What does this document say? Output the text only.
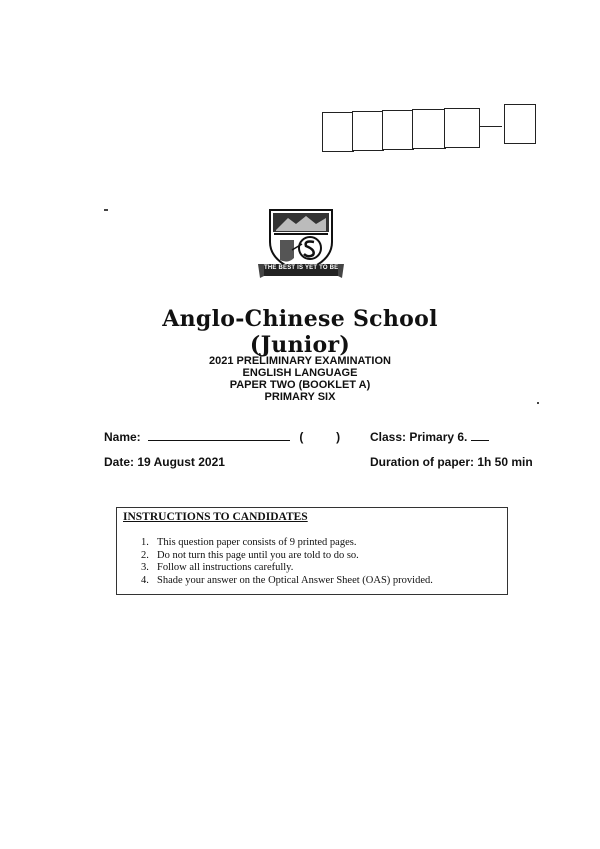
THE BEST IS YET TO BE
Anglo-Chinese School (Junior)
2021 PRELIMINARY EXAMINATION
ENGLISH LANGUAGE
PAPER TWO (BOOKLET A)
PRIMARY SIX
Name:	(	) Class: Primary 6.
Date: 19 August 2021	Duration of paper: 1h 50 min
INSTRUCTIONS TO CANDIDATES
1. This question paper consists of 9 printed pages.
2. Do not turn this page until you are told to do so.
3. Follow all instructions carefully.
4. Shade your answer on the Optical Answer Sheet (OAS) provided.
